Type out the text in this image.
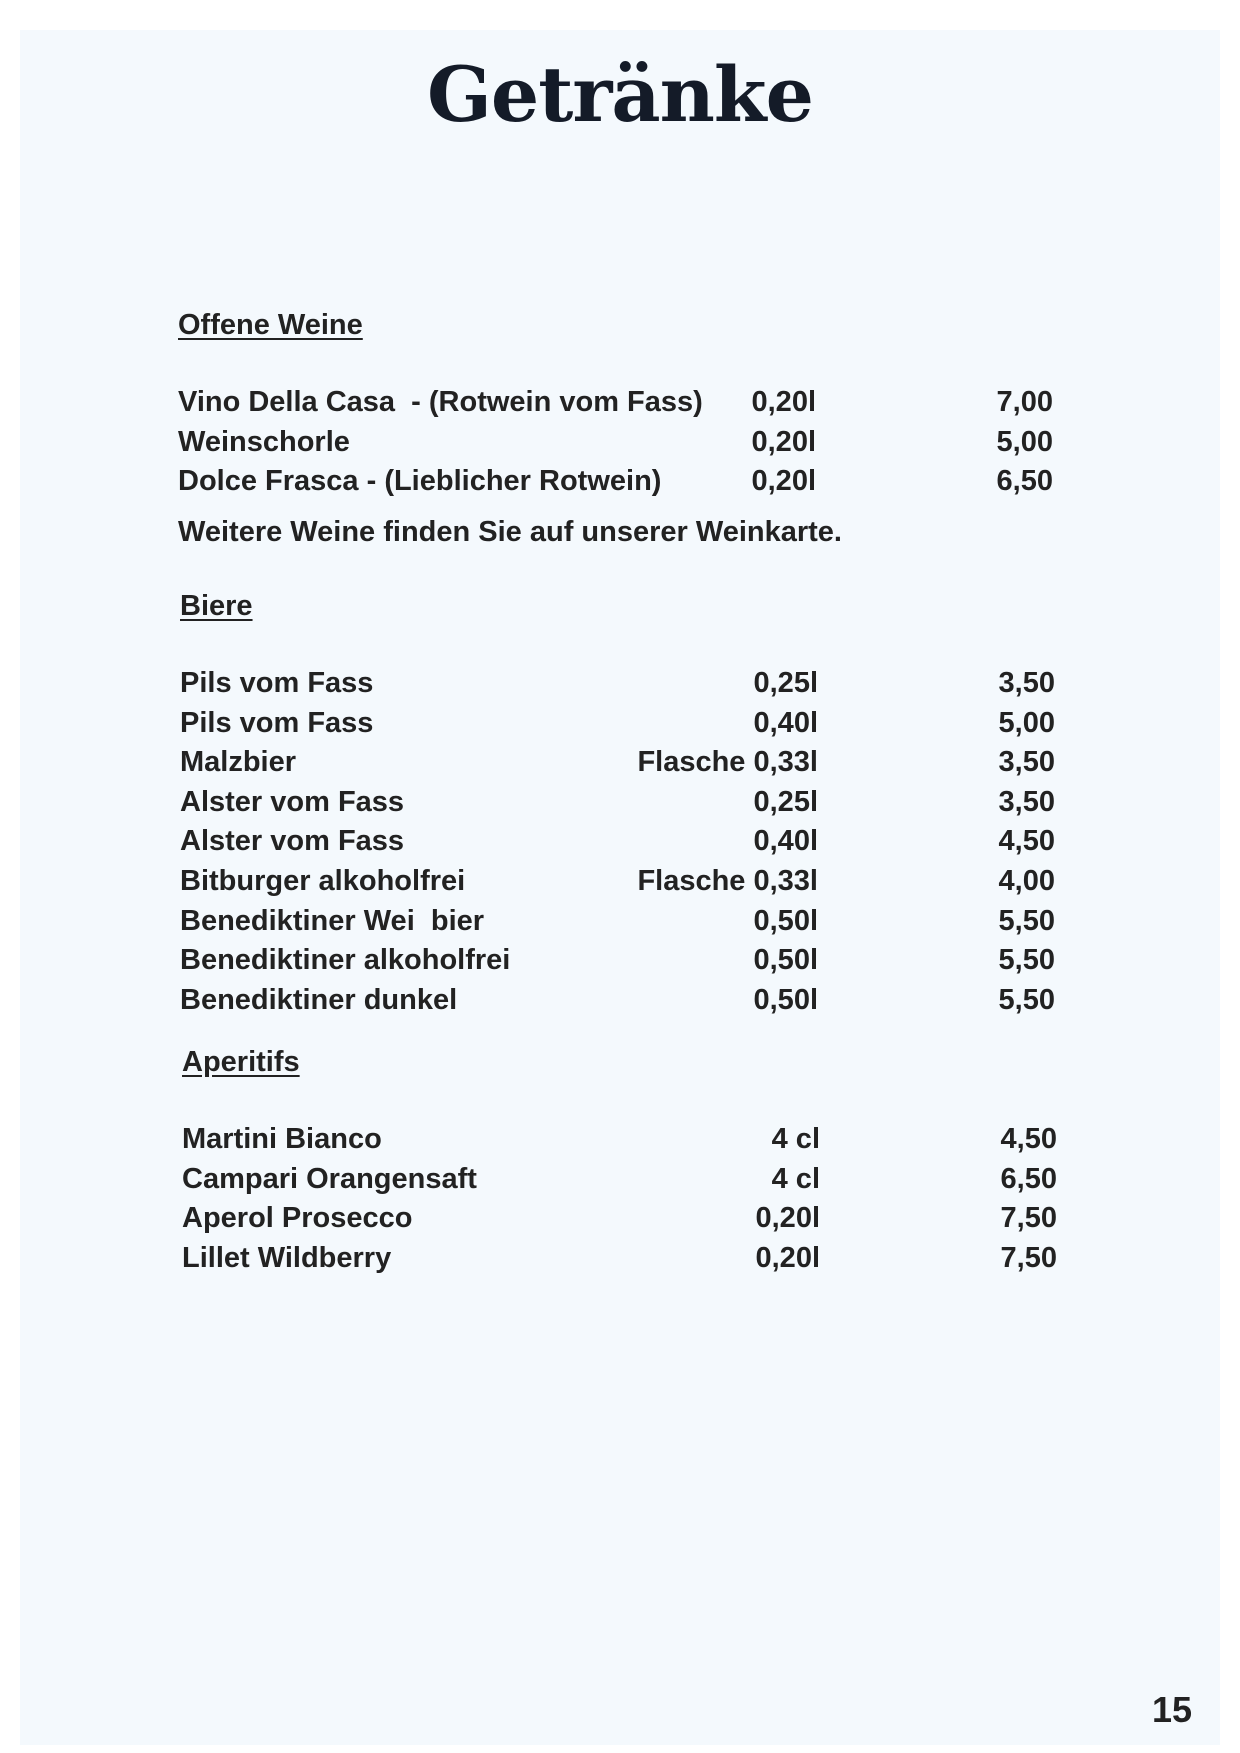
Getränke
Offene Weine
Vino Della Casa  - (Rotwein vom Fass) 0,20l	7,00
Weinschorle	0,20l	5,00
Dolce Frasca - (Lieblicher Rotwein)	0,20l	6,50
Weitere Weine finden Sie auf unserer Weinkarte.
Biere
Pils vom Fass	0,25l	3,50
Pils vom Fass	0,40l	5,00
Malzbier	Flasche 0,33l	3,50
Alster vom Fass	0,25l	3,50
Alster vom Fass	0,40l	4,50
Bitburger alkoholfrei	Flasche 0,33l	4,00
Benediktiner Wei  bier	0,50l	5,50
Benediktiner alkoholfrei	0,50l	5,50
Benediktiner dunkel	0,50l	5,50
Aperitifs
Martini Bianco	4 cl	4,50
Campari Orangensaft	4 cl	6,50
Aperol Prosecco	0,20l	7,50
Lillet Wildberry	0,20l	7,50
15
